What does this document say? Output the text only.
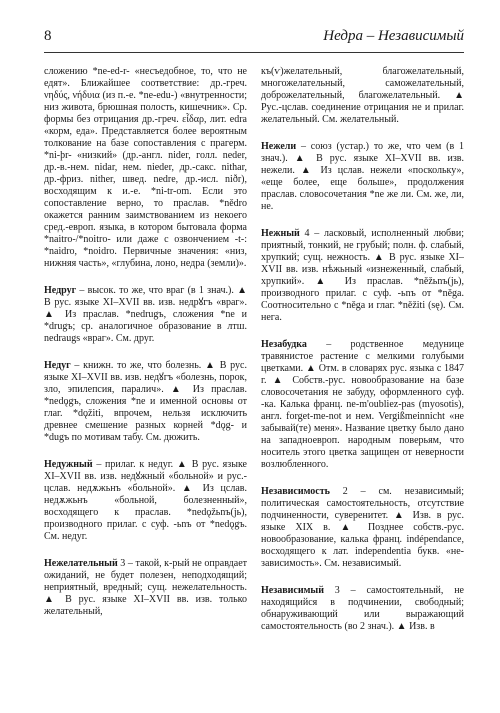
8	Недра – Независимый

сложению *ne-ed-r- «несъедобное, то, что не едят». Ближайшее соответствие: др.-греч. νηδύς, νήδυια (из п.-е. *ne-edu-) «внутренности; низ живота, брюшная полость, кишечник». Ср. формы без отрицания др.-греч. εἶδαρ, лит. edra «корм, еда». Представляется более вероятным толкование на базе сопоставления с прагерм. *ni-þr- «низкий» (др.-англ. nider, голл. neder, др.-в.-нем. nidar, нем. nieder, др.-сакс. nithar, др.-фриз. nither, швед. nedre, др.-исл. niðr), восходящим к и.-е. *ni-tr-om. Если это сопоставление верно, то праслав. *nědro окажется ранним заимствованием из некоего сред.-европ. языка, в котором бытовала форма *naitro-/*noitro- или даже с озвончением -t-: *naidro, *noidro. Первичные значения: «низ, нижняя часть», «глубина, лоно, недра (земли)».

Недруг – высок. то же, что враг (в 1 знач.). ▲ В рус. языке XI–XVII вв. изв. недрꙋгъ «враг». ▲ Из праслав. *nedrugъ, сложения *ne и *drugъ; ср. аналогичное образование в лтш. nedraugs «враг». См. друг.

Недуг – книжн. то же, что болезнь. ▲ В рус. языке XI–XVII вв. изв. недꙋгъ «болезнь, порок, зло, эпилепсия, паралич». ▲ Из праслав. *nedǫgъ, сложения *ne и именной основы от глаг. *dǫžiti, впрочем, нельзя исключить древнее смешение разных корней *dǫg- и *dugъ по мотивам табу. См. дюжить.

Недужный – прилаг. к недуг. ▲ В рус. языке XI–XVII вв. изв. недꙋжный «больной» и рус.-цслав. недѫжьнъ «больной». ▲ Из цслав. недѫжьнъ «больной, болезненный», восходящего к праслав. *nedǫžьnъ(jь), производного прилаг. с суф. -ьnъ от *nedǫgъ. См. недуг.

Нежелательный 3 – такой, к-рый не оправдает ожиданий, не будет полезен, неподходящий; неприятный, вредный; сущ. нежелательность. ▲ В рус. языке XI–XVII вв. изв. только желательный,

къ(ѵ)желательный, благожелательный, многожелательный, саможелательный, доброжелательный, благожелательный. ▲ Рус.-цслав. соединение отрицания не и прилаг. желательный. См. желательный.

Нежели – союз (устар.) то же, что чем (в 1 знач.). ▲ В рус. языке XI–XVII вв. изв. нежели. ▲ Из цслав. нежели «поскольку», «еще более, еще больше», продолжения праслав. словосочетания *ne же ли. См. же, ли, не.

Нежный 4 – ласковый, исполненный любви; приятный, тонкий, не грубый; полн. ф. слабый, хрупкий; сущ. нежность. ▲ В рус. языке XI–XVII вв. изв. нѣжьный «изнеженный, слабый, хрупкий». ▲ Из праслав. *něžьnъ(jь), производного прилаг. с суф. -ьnъ от *něga. Соотносительно с *něga и глаг. *něžiti (sę). См. нега.

Незабудка – родственное медунице травянистое растение с мелкими голубыми цветками. ▲ Отм. в словарях рус. языка с 1847 г. ▲ Собств.-рус. новообразование на базе словосочетания не забуду, оформленного суф. -ка. Калька франц. ne-m'oubliez-pas (myosotis), англ. forget-me-not и нем. Vergißmeinnicht «не забывай(те) меня». Название цветку было дано на западноевроп. народным поверьям, что носитель этого цветка защищен от неверности возлюбленного.

Независимость 2 – см. независимый; политическая самостоятельность, отсутствие подчиненности, суверенитет. ▲ Изв. в рус. языке XIX в. ▲ Позднее собств.-рус. новообразование, калька франц. indépendance, восходящего к лат. independentia букв. «не-зависимость». См. независимый.

Независимый 3 – самостоятельный, не находящийся в подчинении, свободный; обнаруживающий или выражающий самостоятельность (во 2 знач.). ▲ Изв. в
